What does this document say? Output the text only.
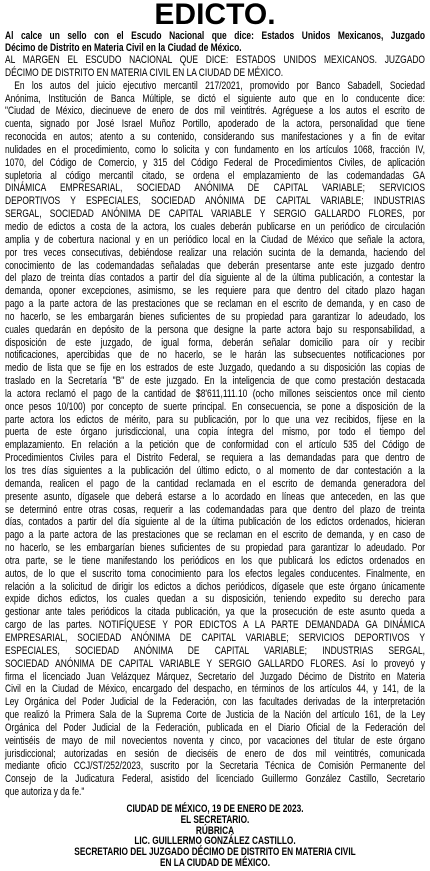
EDICTO.
Al calce un sello con el Escudo Nacional que dice: Estados Unidos Mexicanos, Juzgado
Décimo de Distrito en Materia Civil en la Ciudad de México.
AL MARGEN EL ESCUDO NACIONAL QUE DICE: ESTADOS UNIDOS MEXICANOS. JUZGADO
DÉCIMO DE DISTRITO EN MATERIA CIVIL EN LA CIUDAD DE MÉXICO.
En los autos del juicio ejecutivo mercantil 217/2021, promovido por Banco Sabadell, Sociedad
Anónima, Institución de Banca Múltiple, se dictó el siguiente auto que en lo conducente dice:
"Ciudad de México, diecinueve de enero de dos mil veintitrés. Agréguese a los autos el escrito de
cuenta, signado por José Israel Muñoz Portillo, apoderado de la actora, personalidad que tiene
reconocida en autos; atento a su contenido, considerando sus manifestaciones y a fin de evitar
nulidades en el procedimiento, como lo solicita y con fundamento en los artículos 1068, fracción IV,
1070, del Código de Comercio, y 315 del Código Federal de Procedimientos Civiles, de aplicación
supletoria al código mercantil citado, se ordena el emplazamiento de las codemandadas GA
DINÁMICA EMPRESARIAL, SOCIEDAD ANÓNIMA DE CAPITAL VARIABLE; SERVICIOS
DEPORTIVOS Y ESPECIALES, SOCIEDAD ANÓNIMA DE CAPITAL VARIABLE; INDUSTRIAS
SERGAL, SOCIEDAD ANÓNIMA DE CAPITAL VARIABLE Y SERGIO GALLARDO FLORES, por
medio de edictos a costa de la actora, los cuales deberán publicarse en un periódico de circulación
amplia y de cobertura nacional y en un periódico local en la Ciudad de México que señale la actora,
por tres veces consecutivas, debiéndose realizar una relación sucinta de la demanda, haciendo del
conocimiento de las codemandadas señaladas que deberán presentarse ante este juzgado dentro
del plazo de treinta días contados a partir del día siguiente al de la última publicación, a contestar la
demanda, oponer excepciones, asimismo, se les requiere para que dentro del citado plazo hagan
pago a la parte actora de las prestaciones que se reclaman en el escrito de demanda, y en caso de
no hacerlo, se les embargarán bienes suficientes de su propiedad para garantizar lo adeudado, los
cuales quedarán en depósito de la persona que designe la parte actora bajo su responsabilidad, a
disposición de este juzgado, de igual forma, deberán señalar domicilio para oír y recibir
notificaciones, apercibidas que de no hacerlo, se le harán las subsecuentes notificaciones por
medio de lista que se fije en los estrados de este Juzgado, quedando a su disposición las copias de
traslado en la Secretaría "B" de este juzgado. En la inteligencia de que como prestación destacada
la actora reclamó el pago de la cantidad de $8'611,111.10 (ocho millones seiscientos once mil ciento
once pesos 10/100) por concepto de suerte principal. En consecuencia, se pone a disposición de la
parte actora los edictos de mérito, para su publicación, por lo que una vez recibidos, fíjese en la
puerta de este órgano jurisdiccional, una copia íntegra del mismo, por todo el tiempo del
emplazamiento. En relación a la petición que de conformidad con el artículo 535 del Código de
Procedimientos Civiles para el Distrito Federal, se requiera a las demandadas para que dentro de
los tres días siguientes a la publicación del último edicto, o al momento de dar contestación a la
demanda, realicen el pago de la cantidad reclamada en el escrito de demanda generadora del
presente asunto, dígasele que deberá estarse a lo acordado en líneas que anteceden, en las que
se determinó entre otras cosas, requerir a las codemandadas para que dentro del plazo de treinta
días, contados a partir del día siguiente al de la última publicación de los edictos ordenados, hicieran
pago a la parte actora de las prestaciones que se reclaman en el escrito de demanda, y en caso de
no hacerlo, se les embargarían bienes suficientes de su propiedad para garantizar lo adeudado. Por
otra parte, se le tiene manifestando los periódicos en los que publicará los edictos ordenados en
autos, de lo que el suscrito toma conocimiento para los efectos legales conducentes. Finalmente, en
relación a la solicitud de dirigir los edictos a dichos periódicos, dígasele que este órgano únicamente
expide dichos edictos, los cuales quedan a su disposición, teniendo expedito su derecho para
gestionar ante tales periódicos la citada publicación, ya que la prosecución de este asunto queda a
cargo de las partes. NOTIFÍQUESE Y POR EDICTOS A LA PARTE DEMANDADA GA DINÁMICA
EMPRESARIAL, SOCIEDAD ANÓNIMA DE CAPITAL VARIABLE; SERVICIOS DEPORTIVOS Y
ESPECIALES, SOCIEDAD ANÓNIMA DE CAPITAL VARIABLE; INDUSTRIAS SERGAL,
SOCIEDAD ANÓNIMA DE CAPITAL VARIABLE Y SERGIO GALLARDO FLORES. Así lo proveyó y
firma el licenciado Juan Velázquez Márquez, Secretario del Juzgado Décimo de Distrito en Materia
Civil en la Ciudad de México, encargado del despacho, en términos de los artículos 44, y 141, de la
Ley Orgánica del Poder Judicial de la Federación, con las facultades derivadas de la interpretación
que realizó la Primera Sala de la Suprema Corte de Justicia de la Nación del artículo 161, de la Ley
Orgánica del Poder Judicial de la Federación, publicada en el Diario Oficial de la Federación del
veintiséis de mayo de mil novecientos noventa y cinco, por vacaciones del titular de este órgano
jurisdiccional; autorizadas en sesión de dieciséis de enero de dos mil veintitrés, comunicada
mediante oficio CCJ/ST/252/2023, suscrito por la Secretaria Técnica de Comisión Permanente del
Consejo de la Judicatura Federal, asistido del licenciado Guillermo González Castillo, Secretario
que autoriza y da fe."
CIUDAD DE MÉXICO, 19 DE ENERO DE 2023.
EL SECRETARIO.
RÚBRICA
LIC. GUILLERMO GONZÁLEZ CASTILLO.
SECRETARIO DEL JUZGADO DÉCIMO DE DISTRITO EN MATERIA CIVIL
EN LA CIUDAD DE MÉXICO.
